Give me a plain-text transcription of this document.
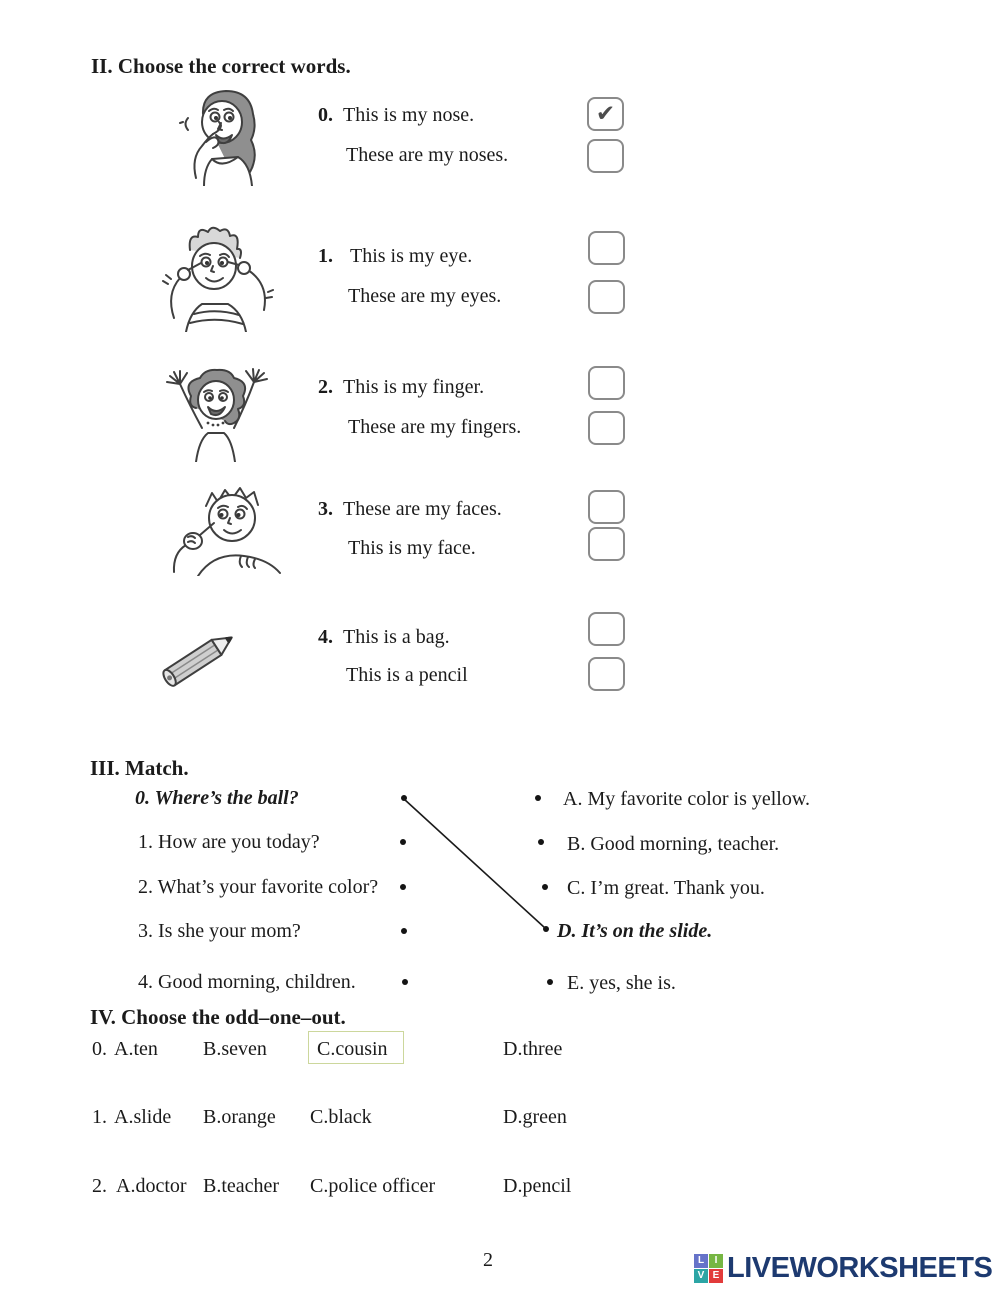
II. Choose the correct words.
0. This is my nose.
These are my noses.
✔
1. This is my eye.
These are my eyes.
2. This is my finger.
These are my fingers.
3. These are my faces.
This is my face.
4. This is a bag.
This is a pencil
III. Match.
0. Where’s the ball?
1. How are you today?
2. What’s your favorite color?
3. Is she your mom?
4. Good morning, children.
A. My favorite color is yellow.
B. Good morning, teacher.
C. I’m great. Thank you.
D. It’s on the slide.
E. yes, she is.
IV. Choose the odd–one–out.
0. A.ten B.seven	C.cousin	D.three
1. A.slide B.orange C.black	D.green
2. A.doctor B.teacher C.police officer	D.pencil
2	L	I
V E LIVEWORKSHEETS
